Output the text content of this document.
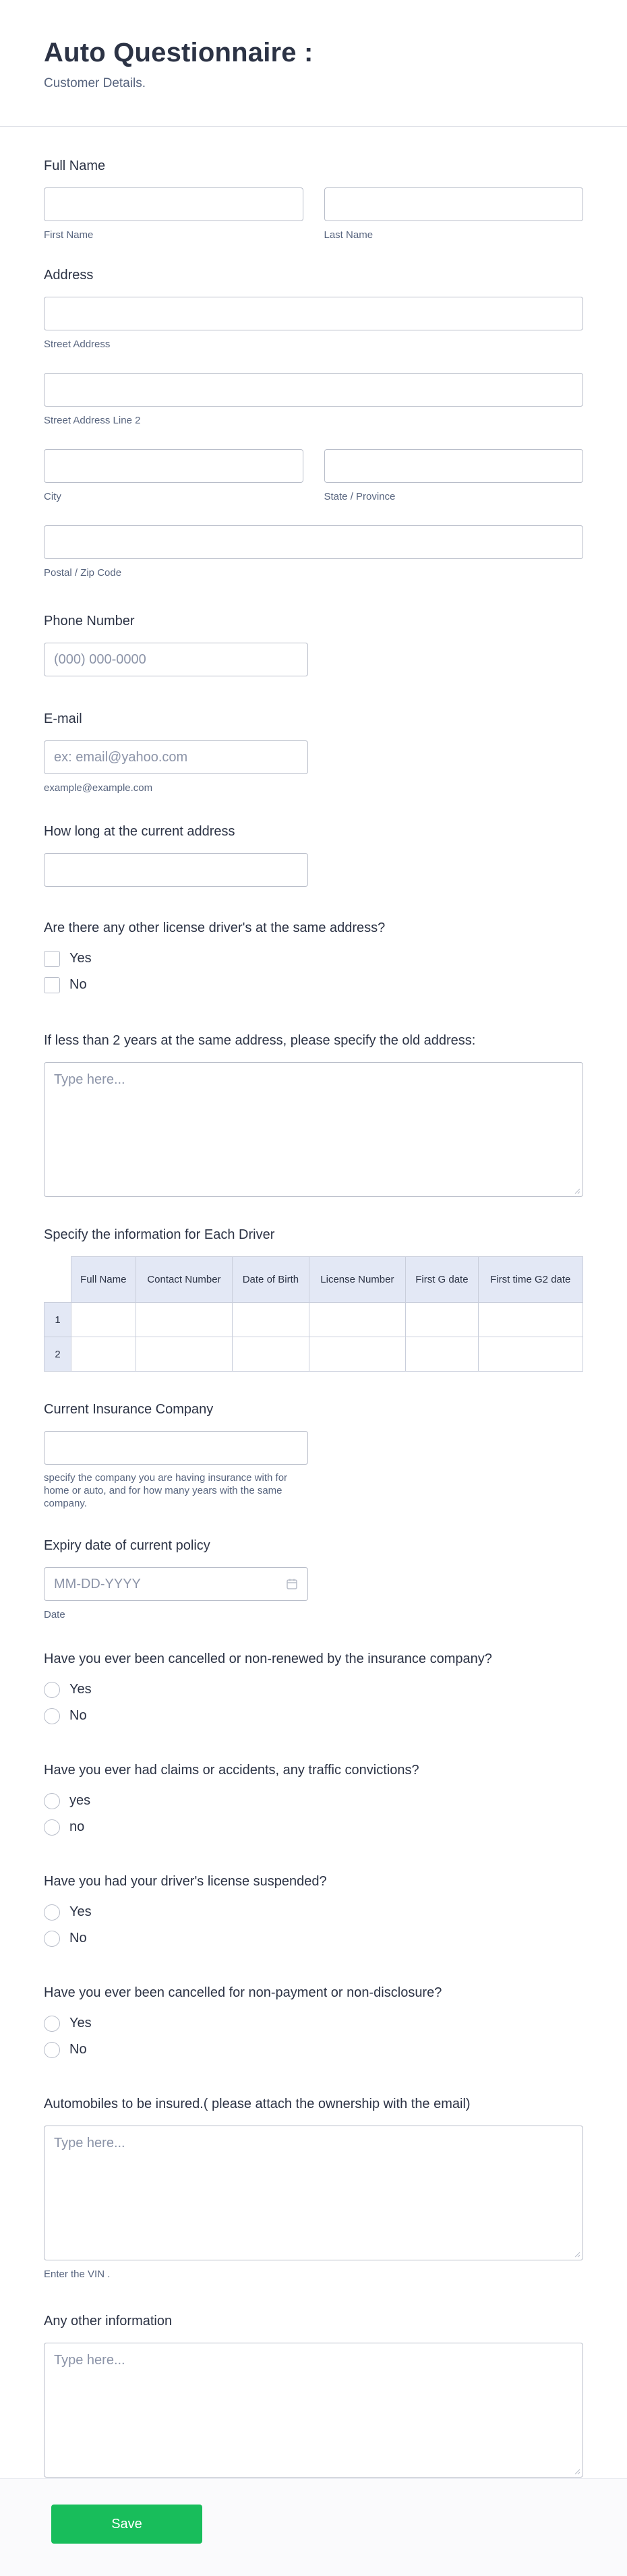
Auto Questionnaire :
Customer Details.
Full Name
First Name	Last Name
Address
Street Address
Street Address Line 2
City	State / Province
Postal / Zip Code
Phone Number
(000) 000-0000
E-mail
ex: email@yahoo.com
example@example.com
How long at the current address
Are there any other license driver's at the same address?
Yes
No
If less than 2 years at the same address, please specify the old address:
Type here...
Specify the information for Each Driver
	Full Name	Contact Number	Date of Birth	License Number	First G date	First time G2 date
1						
2						
Current Insurance Company
specify the company you are having insurance with for home or auto, and for how many years with the same company.
Expiry date of current policy
MM-DD-YYYY
Date
Have you ever been cancelled or non-renewed by the insurance company?
Yes
No
Have you ever had claims or accidents, any traffic convictions?
yes
no
Have you had your driver's license suspended?
Yes
No
Have you ever been cancelled for non-payment or non-disclosure?
Yes
No
Automobiles to be insured.( please attach the ownership with the email)
Type here...
Enter the VIN .
Any other information
Type here...
Save
